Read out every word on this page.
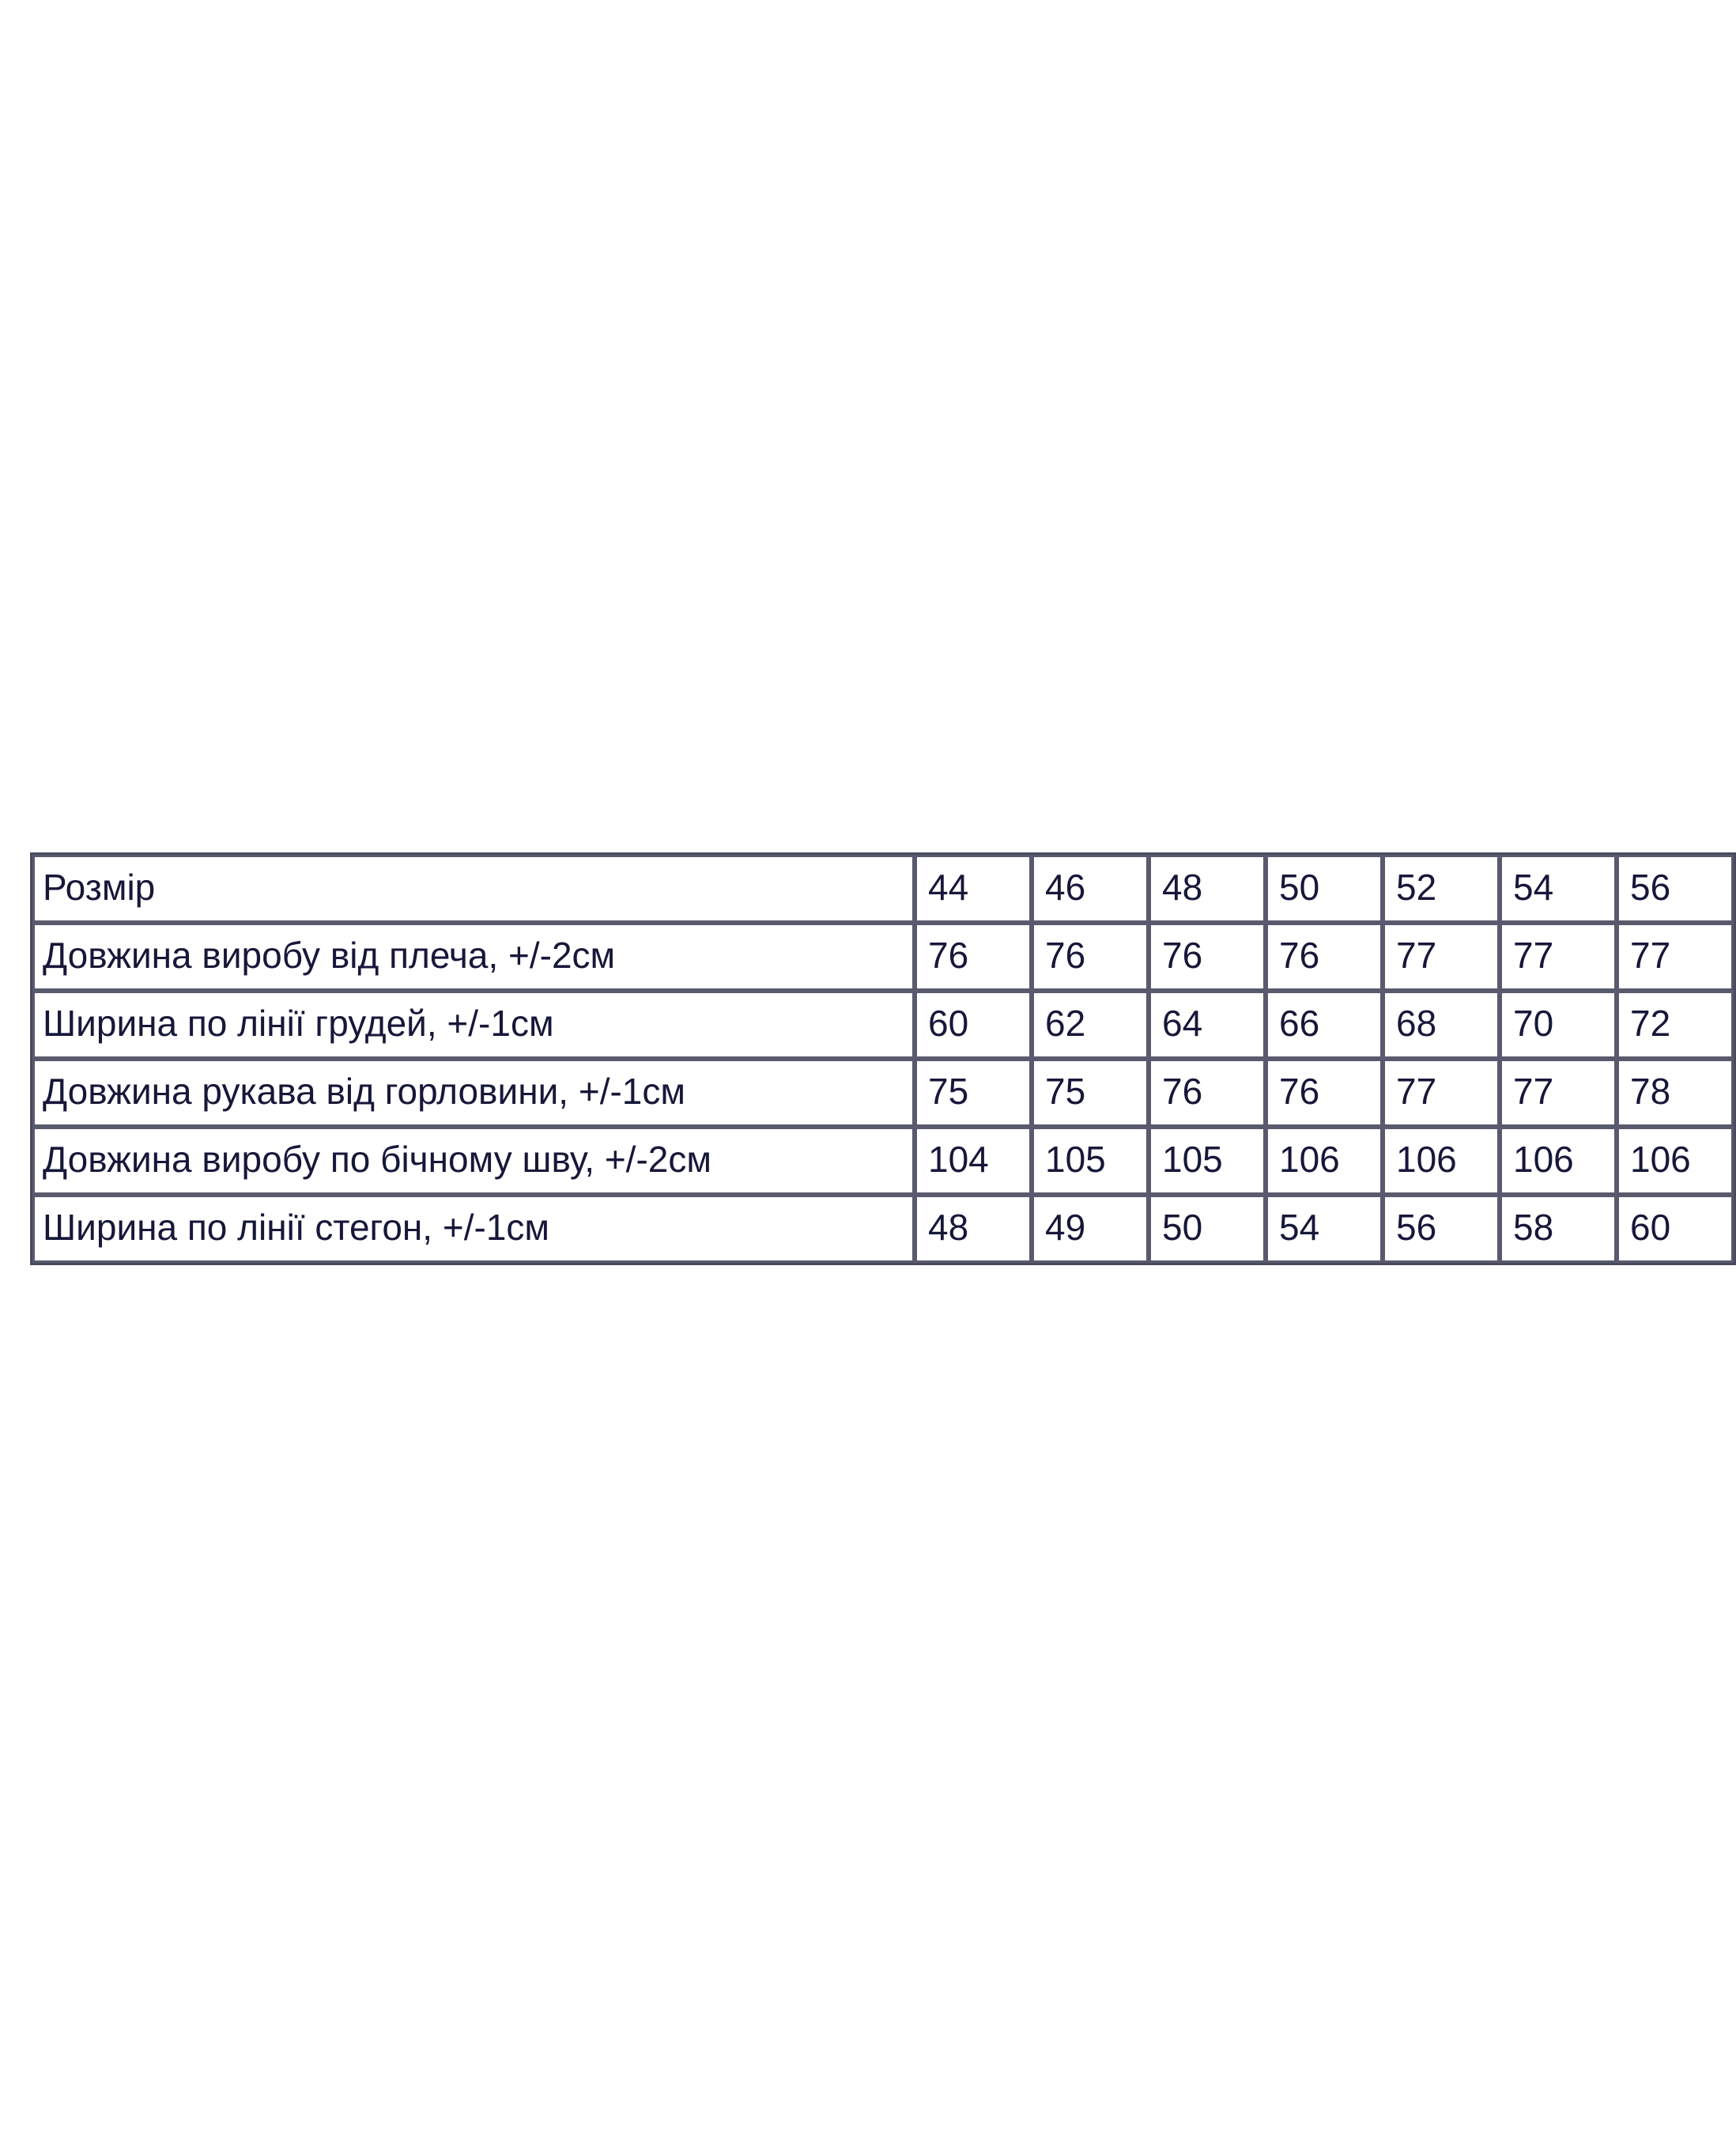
Розмір	44	46	48	50	52	54	56
Довжина виробу від плеча, +/-2см	76	76	76	76	77	77	77
Ширина по лінії грудей, +/-1см	60	62	64	66	68	70	72
Довжина рукава від горловини, +/-1см	75	75	76	76	77	77	78
Довжина виробу по бічному шву, +/-2см	104	105	105	106	106	106	106
Ширина по лінії стегон, +/-1см	48	49	50	54	56	58	60
